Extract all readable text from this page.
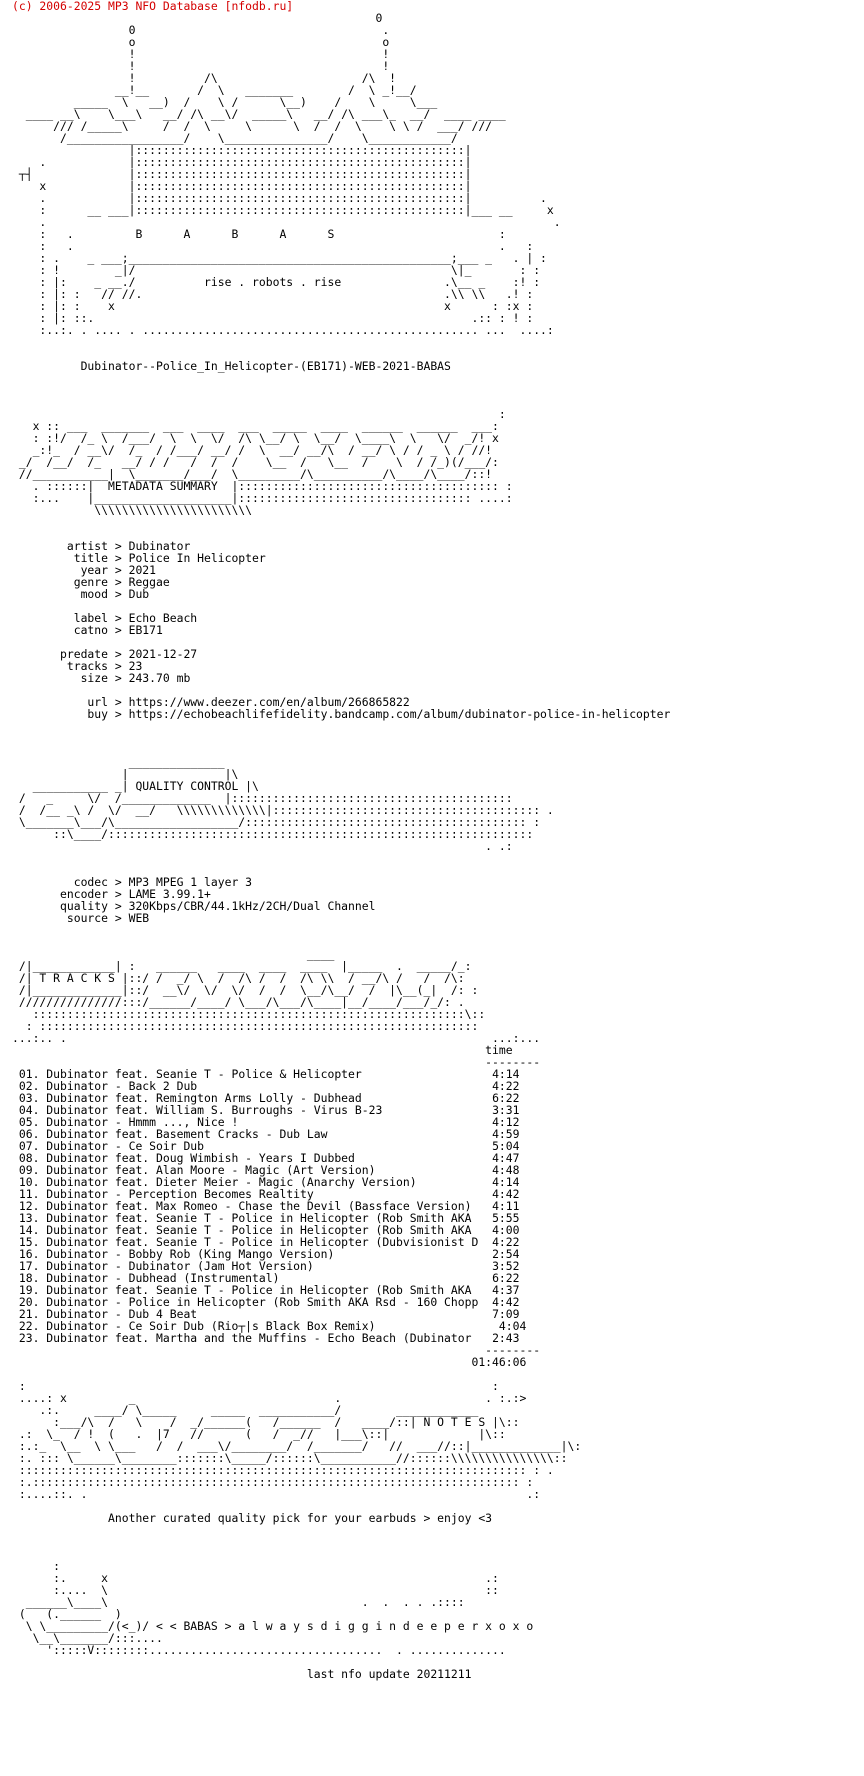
(c) 2006-2025 MP3 NFO Database [nfodb.ru]
0
0                                    .
o                                    o
!                                    !
!                                    !
!          /\                     /\  !
__!__       /  \   _______        /  \ _!__/
_____  \   __)  /    \ /      \__)    /    \     \___
____ __\    \___\   __/ /\ __\/  _____\   __/ /\ ___\_  __/  ____ ____
/// /_____\     /  /  \     \      \  /  /  \    \ \ /  ___/ ///
/_________________/    \_______________/    \____________/
|::::::::::::::::::::::::::::::::::::::::::::::::|
.            |::::::::::::::::::::::::::::::::::::::::::::::::|
┬┤              |::::::::::::::::::::::::::::::::::::::::::::::::|
x            |::::::::::::::::::::::::::::::::::::::::::::::::|
.            |::::::::::::::::::::::::::::::::::::::::::::::::|          .
:      __ ___|::::::::::::::::::::::::::::::::::::::::::::::::|___ __     x
.                                                                          .
:   .         B      A      B      A      S                        :
:   .                                                              .   :
: .    _ ___;_______________________________________________;___ _   . | :
: !        _|/                                              \|_       : :
: |:    _ __./          rise . robots . rise               .\__ _    :! :
: |: :   // //.                                            .\\ \\   .! :
: |: :    x                                                x      : :x :
: |: ::.                                                       .:: : ! :
:..:. . .... . ................................................. ...  ....:
Dubinator--Police_In_Helicopter-(EB171)-WEB-2021-BABAS
:
x :: ___  _______  ___  ____  ___  _____  ____  ______  ______  ___:
: :!/  /_ \  /___/  \  \  \/  /\ \__/ \  \__/  \____\  \   \/  _/! x
_:!_  / __\/  /_  / /___/ __/ /  \  __/ __/\  / __/ \ / / _ \ / //!
_/  /__/  /_   __/ / /   /  /  /    \__  /   \__  /    \  / /_)(/___/:
//___________|  \_______/___/  \_________/\__________/\____/\____/::!
. ::::::|  METADATA SUMMARY  |:::::::::::::::::::::::::::::::::::::: :
:...    |____________________|:::::::::::::::::::::::::::::::::: ....:
\\\\\\\\\\\\\\\\\\\\\\\
artist > Dubinator
title > Police In Helicopter
year > 2021
genre > Reggae
mood > Dub
label > Echo Beach
catno > EB171
predate > 2021-12-27
tracks > 23
size > 243.70 mb
url > https://www.deezer.com/en/album/266865822
buy > https://echobeachlifefidelity.bandcamp.com/album/dubinator-police-in-helicopter
______________
|              |\
___________ _| QUALITY CONTROL |\
/   _     \/  /_____________  |:::::::::::::::::::::::::::::::::::::::::
/  /__ _\ /  \/  __/   \\\\\\\\\\\\\|::::::::::::::::::::::::::::::::::::::: .
\_______\___/\__________________/::::::::::::::::::::::::::::::::::::::::: :
::\____/::::::::::::::::::::::::::::::::::::::::::::::::::::::::::::::
. .:
codec > MP3 MPEG 1 layer 3
encoder > LAME 3.99.1+
quality > 320Kbps/CBR/44.1kHz/2CH/Dual Channel
source > WEB
____
/|____________| :   ______   ____  ____  ____  |_____  .  _____/_:
/| T R A C K S |::/ /  _/ \  /  /\ /  /  /\ \\  / __/\ /   /  /\:
/|_____________|::/  __\/  \/  \/  /  /  \__/\__/  /  |\__(_|  /: :
///////////////:::/______/____/ \___/\___/\____|__/____/___/_/: .
:::::::::::::::::::::::::::::::::::::::::::::::::::::::::::::::\::
: ::::::::::::::::::::::::::::::::::::::::::::::::::::::::::::::::
...:.. .                                                              ...:...
time
--------
01. Dubinator feat. Seanie T - Police & Helicopter	4:14
02. Dubinator - Back 2 Dub	4:22
03. Dubinator feat. Remington Arms Lolly - Dubhead	6:22
04. Dubinator feat. William S. Burroughs - Virus B-23	3:31
05. Dubinator - Hmmm ..., Nice !	4:12
06. Dubinator feat. Basement Cracks - Dub Law	4:59
07. Dubinator - Ce Soir Dub	5:04
08. Dubinator feat. Doug Wimbish - Years I Dubbed	4:47
09. Dubinator feat. Alan Moore - Magic (Art Version)	4:48
10. Dubinator feat. Dieter Meier - Magic (Anarchy Version)	4:14
11. Dubinator - Perception Becomes Realtity	4:42
12. Dubinator feat. Max Romeo - Chase the Devil (Bassface Version) 4:11
13. Dubinator feat. Seanie T - Police in Helicopter (Rob Smith AKA 5:55
14. Dubinator feat. Seanie T - Police in Helicopter (Rob Smith AKA 4:00
15. Dubinator feat. Seanie T - Police in Helicopter (Dubvisionist D 4:22
16. Dubinator - Bobby Rob (King Mango Version)	2:54
17. Dubinator - Dubinator (Jam Hot Version)	3:52
18. Dubinator - Dubhead (Instrumental)	6:22
19. Dubinator feat. Seanie T - Police in Helicopter (Rob Smith AKA 4:37
20. Dubinator - Police in Helicopter (Rob Smith AKA Rsd - 160 Chopp 4:42
21. Dubinator - Dub 4 Beat	7:09
22. Dubinator - Ce Soir Dub (Rio┬|s Black Box Remix)	4:04
23. Dubinator feat. Martha and the Muffins - Echo Beach (Dubinator 2:43
--------
01:46:06
:                                                                    :
....: x         _                             .                     . :.:>
.:.     ____/ \_____     _____  ___________/        ____________
:___/\  /   \    /  _/______(   /______  /   ____/::| N O T E S |\::
.:  \_  / !  (   .  |7   //      (   /  _//   |___\::|             |\::
:.:_  \__  \ \___   /  /  ___\/________/  /_______/   //  ___//::|_____________|\:
:. ::: \______\________:::::::\_____/::::::\___________//::::::\\\\\\\\\\\\\\\::
:::::::::::::::::::::::::::::::::::::::::::::::::::::::::::::::::::::::::: : .
:.::::::::::::::::::::::::::::::::::::::::::::::::::::::::::::::::::::::: :
:....::. .                                                                .:
Another curated quality pick for your earbuds > enjoy <3
:
:.     x                                                       .:
:....  \                                                       ::
______\____\                                     .  .  . . .::::
(   (.______  )
\ \_________/(<_)/ < < BABAS > a l w a y s d i g g i n d e e p e r x o x o
\__\_______/:::....
':::::V::::::::..................................  . ..............
last nfo update 20211211
